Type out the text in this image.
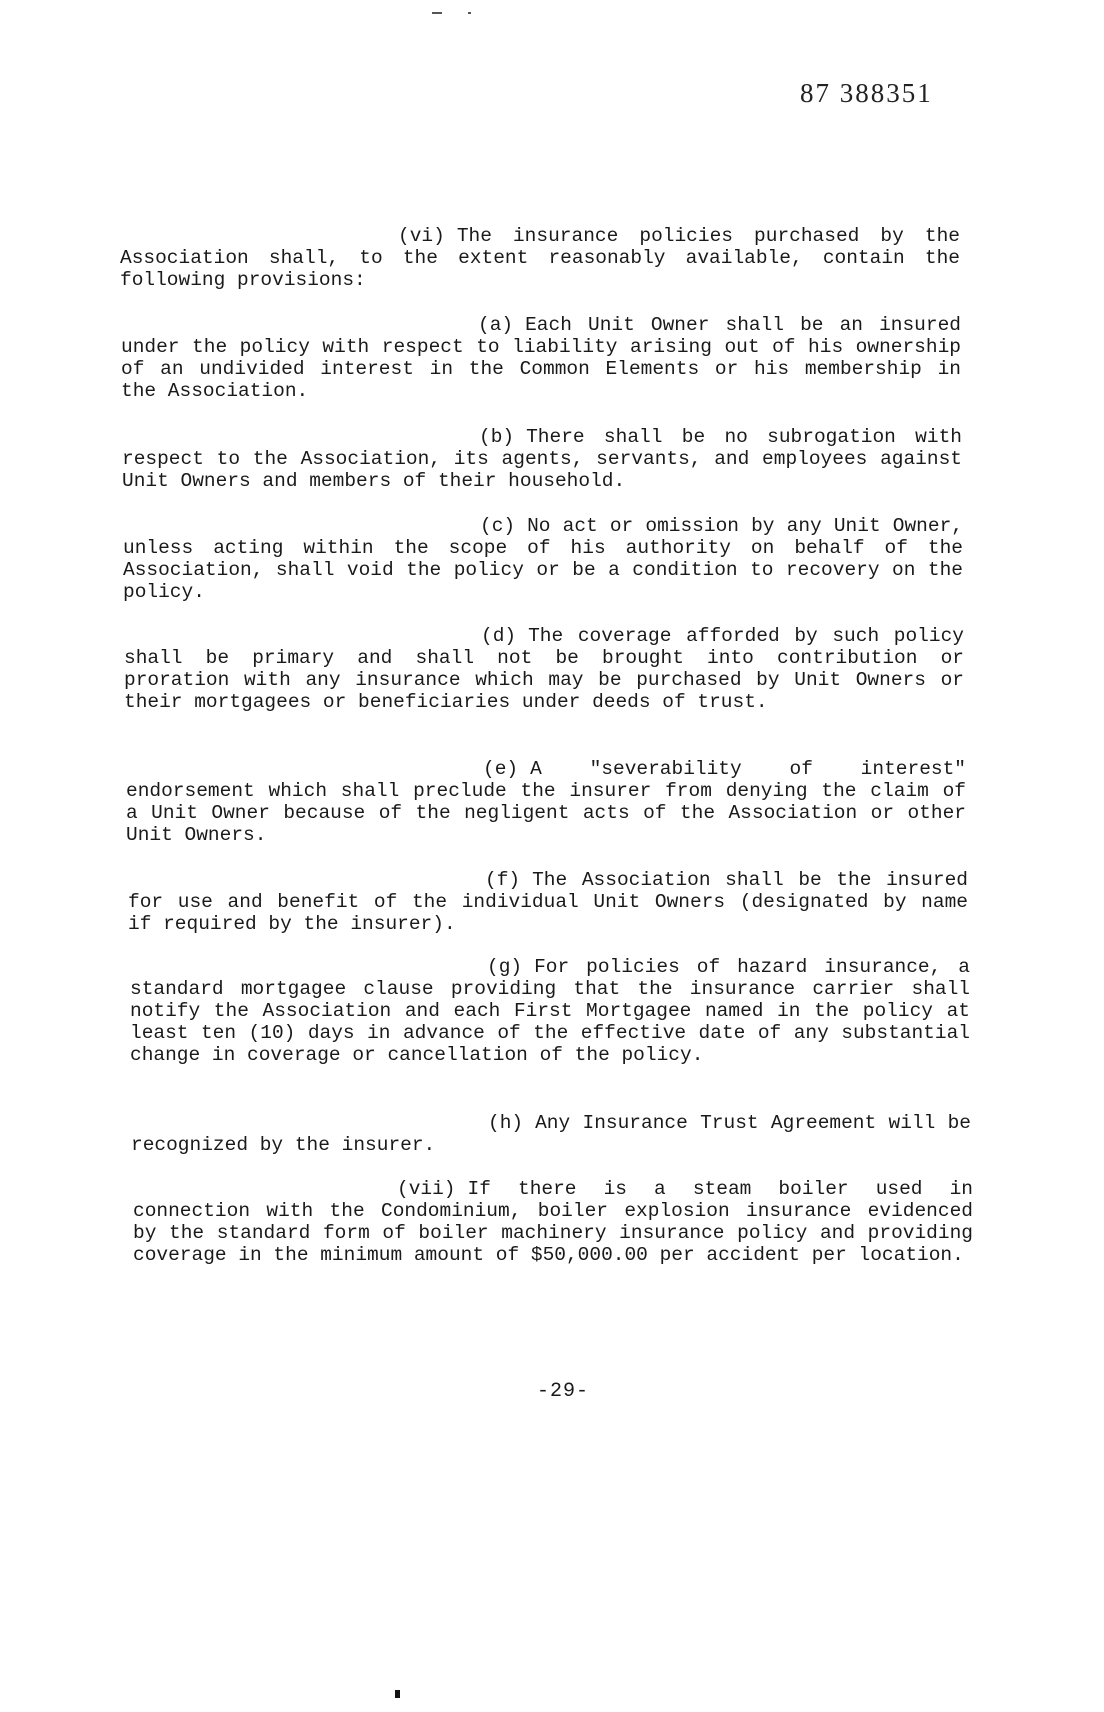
87 388351
(vi) The insurance policies purchased by the Association shall, to the extent reasonably available, contain the following provisions:
(a) Each Unit Owner shall be an insured under the policy with respect to liability arising out of his ownership of an undivided interest in the Common Elements or his membership in the Association.
(b) There shall be no subrogation with respect to the Association, its agents, servants, and employees against Unit Owners and members of their household.
(c) No act or omission by any Unit Owner, unless acting within the scope of his authority on behalf of the Association, shall void the policy or be a condition to recovery on the policy.
(d) The coverage afforded by such policy shall be primary and shall not be brought into contribution or proration with any insurance which may be purchased by Unit Owners or their mortgagees or beneficiaries under deeds of trust.
(e) A "severability of interest" endorsement which shall preclude the insurer from denying the claim of a Unit Owner because of the negligent acts of the Association or other Unit Owners.
(f) The Association shall be the insured for use and benefit of the individual Unit Owners (designated by name if required by the insurer).
(g) For policies of hazard insurance, a standard mortgagee clause providing that the insurance carrier shall notify the Association and each First Mortgagee named in the policy at least ten (10) days in advance of the effective date of any substantial change in coverage or cancellation of the policy.
(h) Any Insurance Trust Agreement will be recognized by the insurer.
(vii) If there is a steam boiler used in connection with the Condominium, boiler explosion insurance evidenced by the standard form of boiler machinery insurance policy and providing coverage in the minimum amount of $50,000.00 per accident per location.
-29-
